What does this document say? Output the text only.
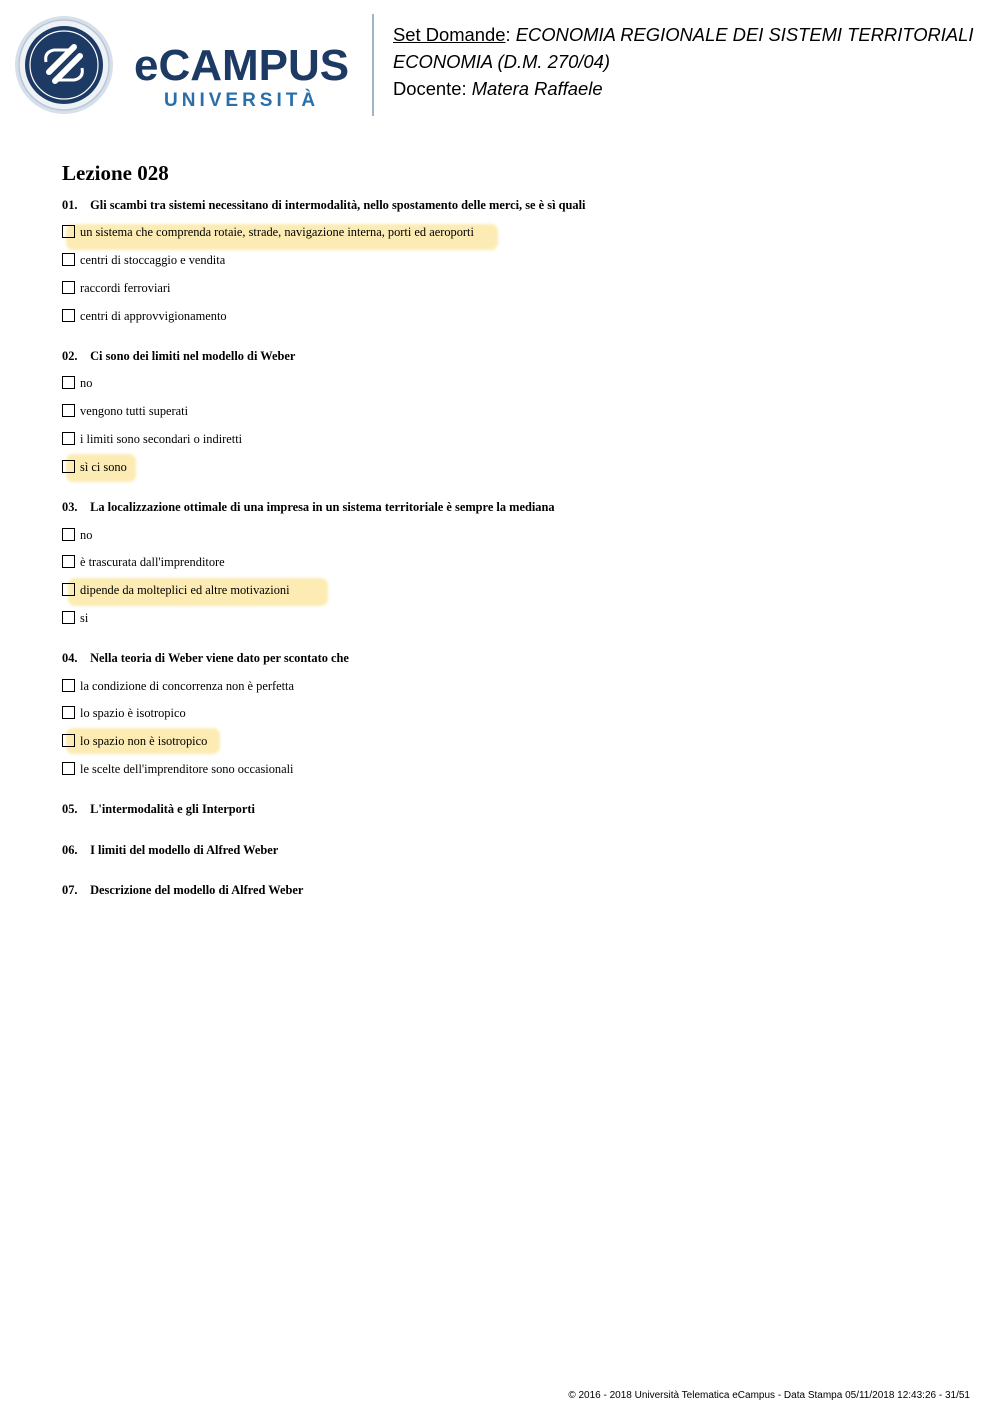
eCAMPUS
UNIVERSITÀ
Set Domande: ECONOMIA REGIONALE DEI SISTEMI TERRITORIALI
ECONOMIA (D.M. 270/04)
Docente: Matera Raffaele
Lezione 028
01. Gli scambi tra sistemi necessitano di intermodalità, nello spostamento delle merci, se è sì quali
un sistema che comprenda rotaie, strade, navigazione interna, porti ed aeroporti
centri di stoccaggio e vendita
raccordi ferroviari
centri di approvvigionamento
02. Ci sono dei limiti nel modello di Weber
no
vengono tutti superati
i limiti sono secondari o indiretti
sì ci sono
03. La localizzazione ottimale di una impresa in un sistema territoriale è sempre la mediana
no
è trascurata dall'imprenditore
dipende da molteplici ed altre motivazioni
si
04. Nella teoria di Weber viene dato per scontato che
la condizione di concorrenza non è perfetta
lo spazio è isotropico
lo spazio non è isotropico
le scelte dell'imprenditore sono occasionali
05. L'intermodalità e gli Interporti
06. I limiti del modello di Alfred Weber
07. Descrizione del modello di Alfred Weber
© 2016 - 2018 Università Telematica eCampus - Data Stampa 05/11/2018 12:43:26 - 31/51
